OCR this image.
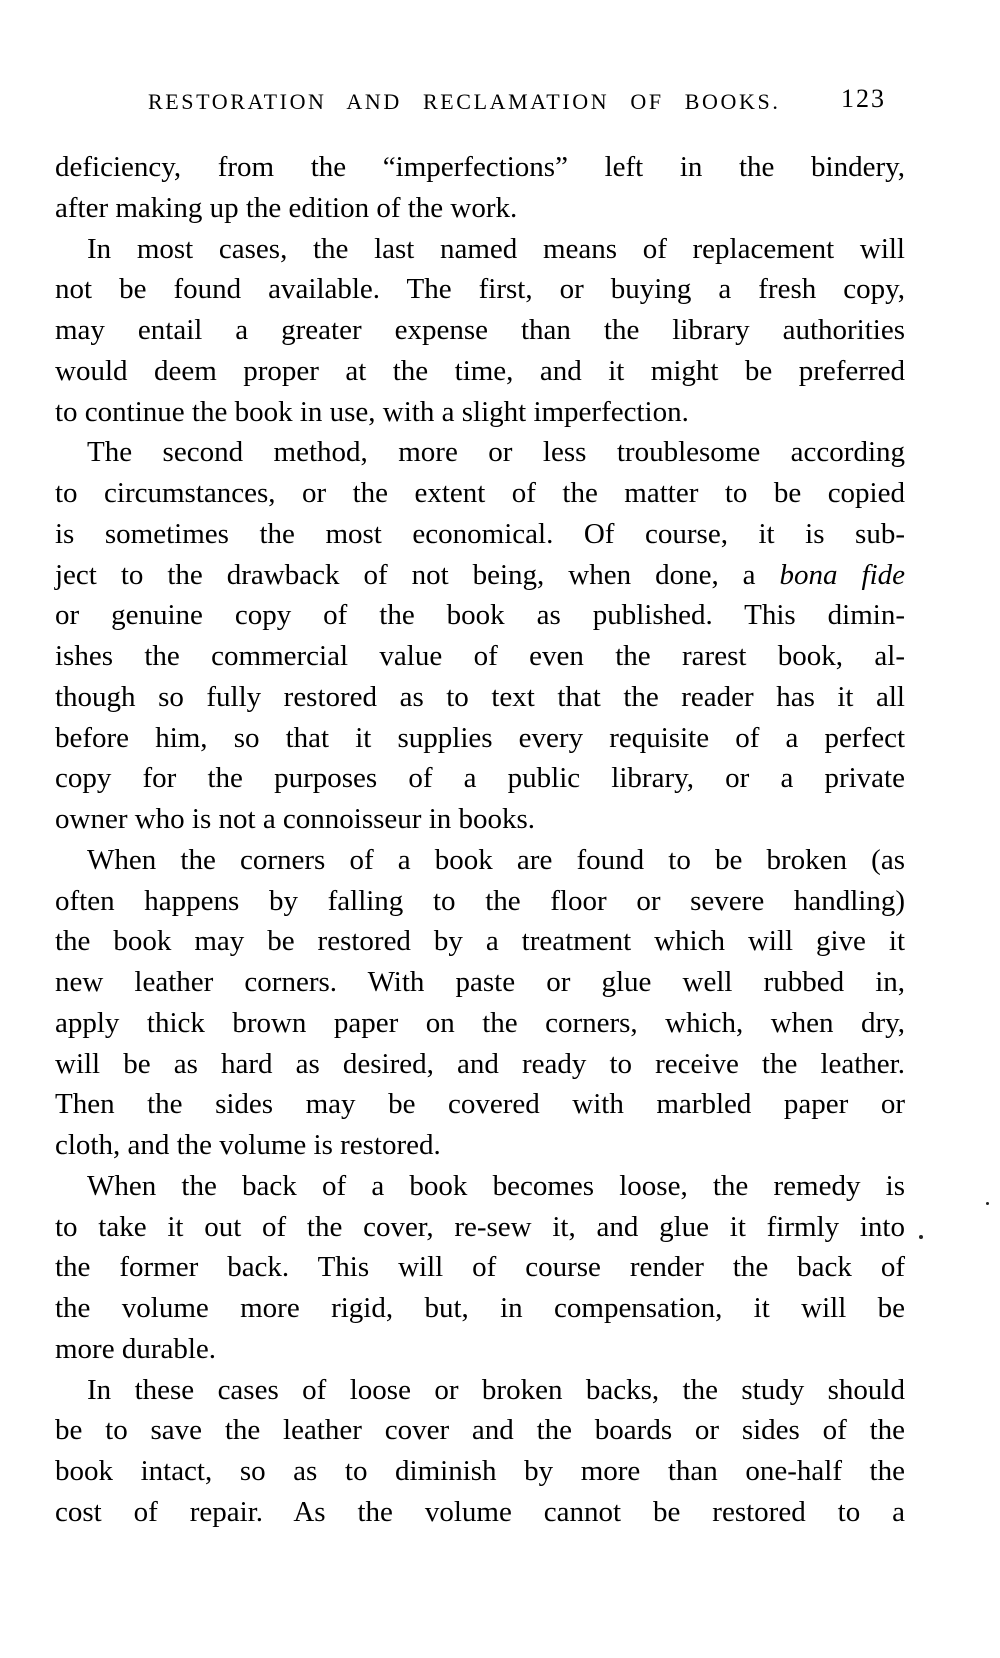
RESTORATION AND RECLAMATION OF BOOKS. 123
deficiency, from the “imperfections” left in the bindery,
after making up the edition of the work.
In most cases, the last named means of replacement will
not be found available. The first, or buying a fresh copy,
may entail a greater expense than the library authorities
would deem proper at the time, and it might be preferred
to continue the book in use, with a slight imperfection.
The second method, more or less troublesome according
to circumstances, or the extent of the matter to be copied
is sometimes the most economical. Of course, it is sub-
ject to the drawback of not being, when done, a bona fide
or genuine copy of the book as published. This dimin-
ishes the commercial value of even the rarest book, al-
though so fully restored as to text that the reader has it all
before him, so that it supplies every requisite of a perfect
copy for the purposes of a public library, or a private
owner who is not a connoisseur in books.
When the corners of a book are found to be broken (as
often happens by falling to the floor or severe handling)
the book may be restored by a treatment which will give it
new leather corners. With paste or glue well rubbed in,
apply thick brown paper on the corners, which, when dry,
will be as hard as desired, and ready to receive the leather.
Then the sides may be covered with marbled paper or
cloth, and the volume is restored.
When the back of a book becomes loose, the remedy is
to take it out of the cover, re-sew it, and glue it firmly into
the former back. This will of course render the back of
the volume more rigid, but, in compensation, it will be
more durable.
In these cases of loose or broken backs, the study should
be to save the leather cover and the boards or sides of the
book intact, so as to diminish by more than one-half the
cost of repair. As the volume cannot be restored to a
